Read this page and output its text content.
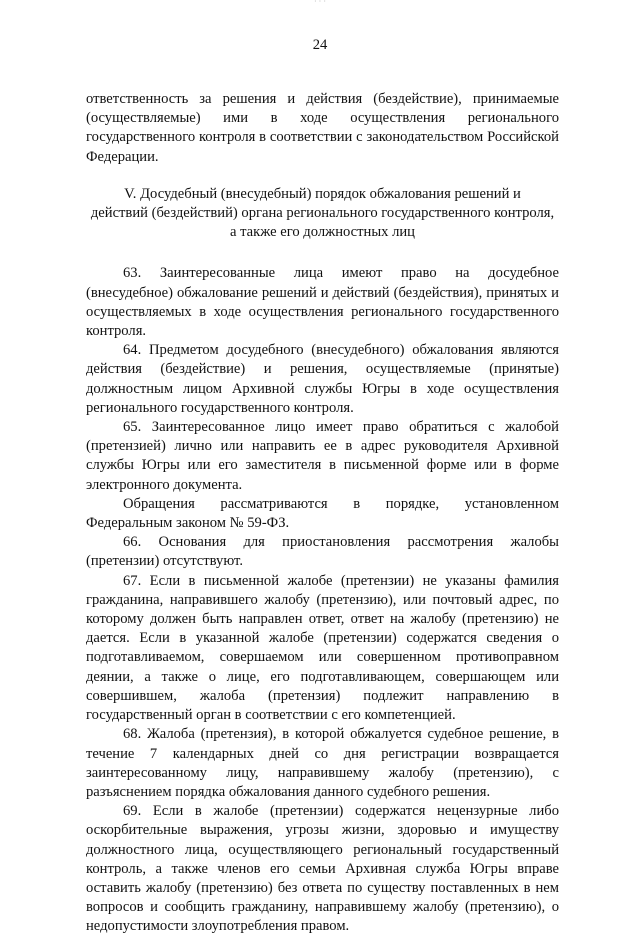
· · ·
24

ответственность за решения и действия (бездействие), принимаемые (осуществляемые) ими в ходе осуществления регионального государственного контроля в соответствии с законодательством Российской Федерации.

V. Досудебный (внесудебный) порядок обжалования решений и
действий (бездействий) органа регионального государственного контроля,
а также его должностных лиц

63. Заинтересованные лица имеют право на досудебное (внесудебное) обжалование решений и действий (бездействия), принятых и осуществляемых в ходе осуществления регионального государственного контроля.

64. Предметом досудебного (внесудебного) обжалования являются действия (бездействие) и решения, осуществляемые (принятые) должностным лицом Архивной службы Югры в ходе осуществления регионального государственного контроля.

65. Заинтересованное лицо имеет право обратиться с жалобой (претензией) лично или направить ее в адрес руководителя Архивной службы Югры или его заместителя в письменной форме или в форме электронного документа.

Обращения рассматриваются в порядке, установленном Федеральным законом № 59-ФЗ.

66. Основания для приостановления рассмотрения жалобы (претензии) отсутствуют.

67. Если в письменной жалобе (претензии) не указаны фамилия гражданина, направившего жалобу (претензию), или почтовый адрес, по которому должен быть направлен ответ, ответ на жалобу (претензию) не дается. Если в указанной жалобе (претензии) содержатся сведения о подготавливаемом, совершаемом или совершенном противоправном деянии, а также о лице, его подготавливающем, совершающем или совершившем, жалоба (претензия) подлежит направлению в государственный орган в соответствии с его компетенцией.

68. Жалоба (претензия), в которой обжалуется судебное решение, в течение 7 календарных дней со дня регистрации возвращается заинтересованному лицу, направившему жалобу (претензию), с разъяснением порядка обжалования данного судебного решения.

69. Если в жалобе (претензии) содержатся нецензурные либо оскорбительные выражения, угрозы жизни, здоровью и имуществу должностного лица, осуществляющего региональный государственный контроль, а также членов его семьи Архивная служба Югры вправе оставить жалобу (претензию) без ответа по существу поставленных в нем вопросов и сообщить гражданину, направившему жалобу (претензию), о недопустимости злоупотребления правом.
